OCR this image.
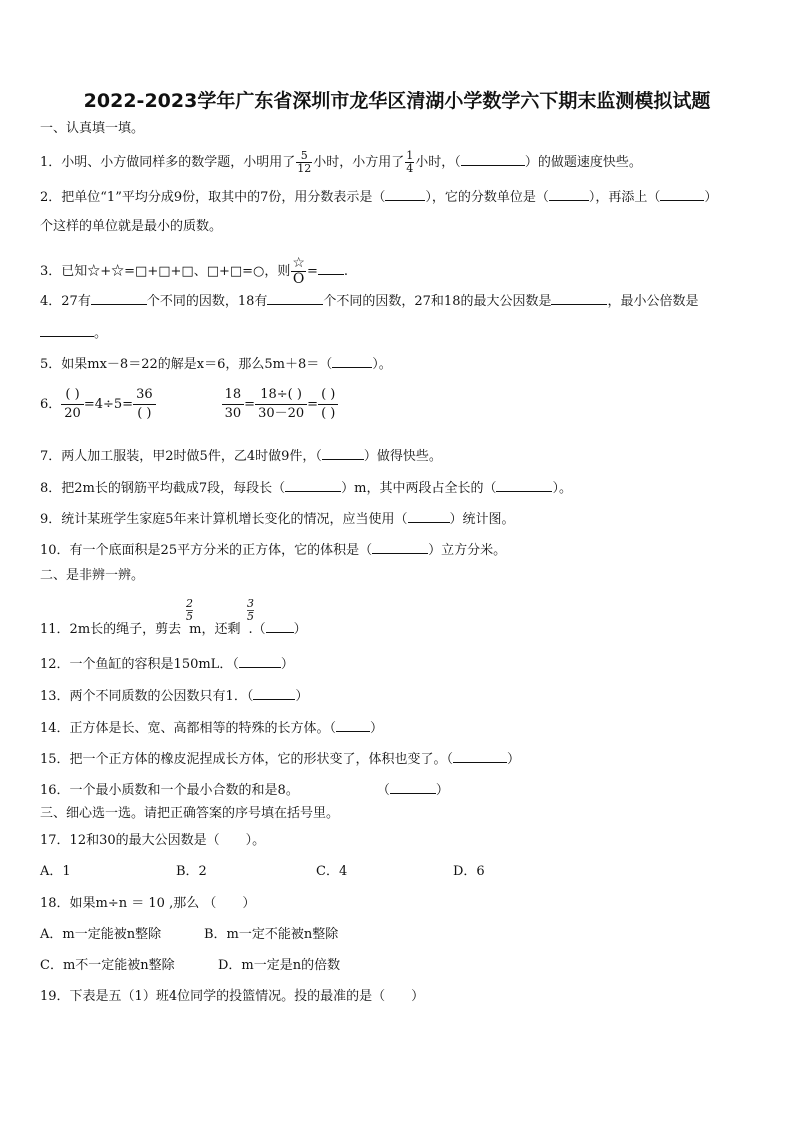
2022-2023学年广东省深圳市龙华区清湖小学数学六下期末监测模拟试题
一、认真填一填。
1．小明、小方做同样多的数学题，小明用了 $\frac{5}{12}$ 小时，小方用了 $\frac{1}{4}$ 小时，（	）的做题速度快些。
2．把单位“1”平均分成9份，取其中的7份，用分数表示是（	），它的分数单位是（	），再添上（	）
个这样的单位就是最小的质数。
3．已知☆+☆=□+□+□、□+□=○，则 $\frac{☆}{O}$ = .
4．27有	个不同的因数，18有	个不同的因数，27和18的最大公因数是	，最小公倍数是
。
5．如果mx－8＝22的解是x＝6，那么5m＋8＝（	）。
6． $\frac{( )}{20} =4\div 5= \frac{36}{( )}$	$\frac{18}{30} = \frac{18\div( )}{30-20} = \frac{( )}{( )}$
7．两人加工服装，甲2时做5件，乙4时做9件，（	）做得快些。
8．把2m长的钢筋平均截成7段，每段长（	）m，其中两段占全长的（	）。
9．统计某班学生家庭5年来计算机增长变化的情况，应当使用（	）统计图。
10．有一个底面积是25平方分米的正方体，它的体积是（	）立方分米。
二、是非辨一辨。
11．2m长的绳子，剪去
$\frac{2}{5}$
m，还剩
$\frac{3}{5}$
.（ ）
12．一个鱼缸的容积是150mL．（	）
13．两个不同质数的公因数只有1．（	）
14．正方体是长、宽、高都相等的特殊的长方体。（	）
15．把一个正方体的橡皮泥捏成长方体，它的形状变了，体积也变了。（	）
16．一个最小质数和一个最小合数的和是8。	（	）
三、细心选一选。请把正确答案的序号填在括号里。
17．12和30的最大公因数是（　　）。
A．1	B．2	C．4	D．6
18．如果m÷n ＝ 10 ,那么 （　　）
A．m一定能被n整除	B．m一定不能被n整除
C．m不一定能被n整除	D．m一定是n的倍数
19．下表是五（1）班4位同学的投篮情况。投的最准的是（　　）
